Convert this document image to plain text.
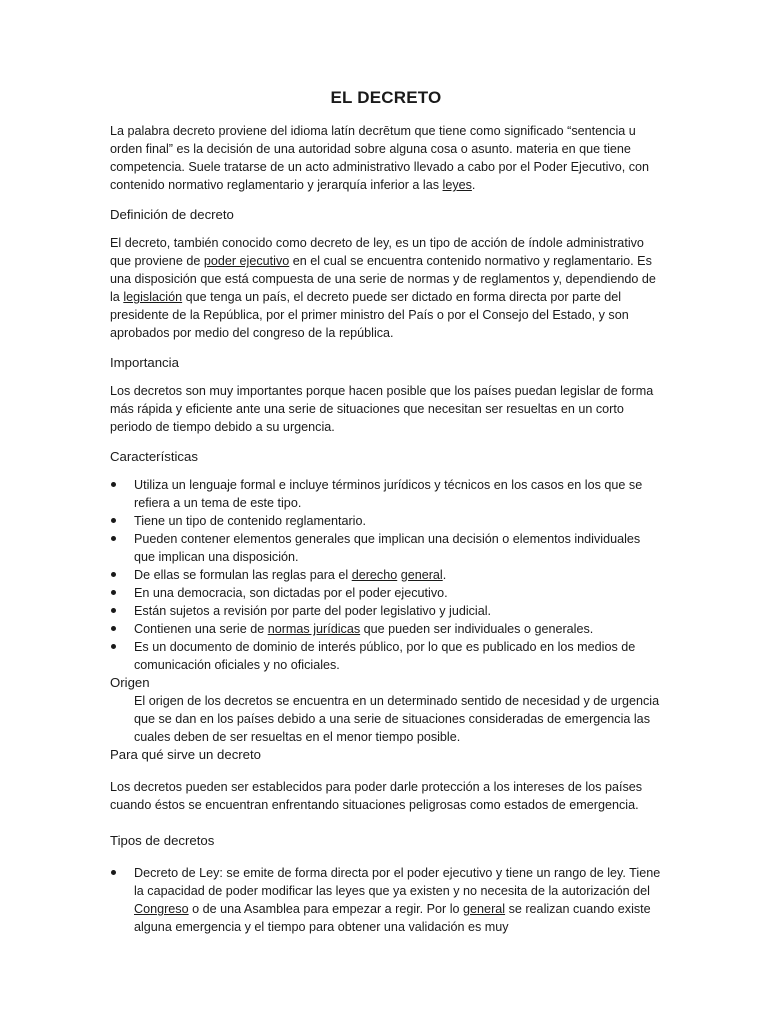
EL DECRETO

La palabra decreto proviene del idioma latín decrētum que tiene como significado “sentencia u orden final” es la decisión de una autoridad sobre alguna cosa o asunto. materia en que tiene competencia. Suele tratarse de un acto administrativo llevado a cabo por el Poder Ejecutivo, con contenido normativo reglamentario y jerarquía inferior a las leyes.

Definición de decreto

El decreto, también conocido como decreto de ley, es un tipo de acción de índole administrativo que proviene de poder ejecutivo en el cual se encuentra contenido normativo y reglamentario. Es una disposición que está compuesta de una serie de normas y de reglamentos y, dependiendo de la legislación que tenga un país, el decreto puede ser dictado en forma directa por parte del presidente de la República, por el primer ministro del País o por el Consejo del Estado, y son aprobados por medio del congreso de la república.

Importancia

Los decretos son muy importantes porque hacen posible que los países puedan legislar de forma más rápida y eficiente ante una serie de situaciones que necesitan ser resueltas en un corto periodo de tiempo debido a su urgencia.

Características
Utiliza un lenguaje formal e incluye términos jurídicos y técnicos en los casos en los que se refiera a un tema de este tipo.
Tiene un tipo de contenido reglamentario.
Pueden contener elementos generales que implican una decisión o elementos individuales que implican una disposición.
De ellas se formulan las reglas para el derecho general.
En una democracia, son dictadas por el poder ejecutivo.
Están sujetos a revisión por parte del poder legislativo y judicial.
Contienen una serie de normas jurídicas que pueden ser individuales o generales.
Es un documento de dominio de interés público, por lo que es publicado en los medios de comunicación oficiales y no oficiales.
Origen

El origen de los decretos se encuentra en un determinado sentido de necesidad y de urgencia que se dan en los países debido a una serie de situaciones consideradas de emergencia las cuales deben de ser resueltas en el menor tiempo posible.

Para qué sirve un decreto

Los decretos pueden ser establecidos para poder darle protección a los intereses de los países cuando éstos se encuentran enfrentando situaciones peligrosas como estados de emergencia.

Tipos de decretos
Decreto de Ley: se emite de forma directa por el poder ejecutivo y tiene un rango de ley. Tiene la capacidad de poder modificar las leyes que ya existen y no necesita de la autorización del Congreso o de una Asamblea para empezar a regir. Por lo general se realizan cuando existe alguna emergencia y el tiempo para obtener una validación es muy
